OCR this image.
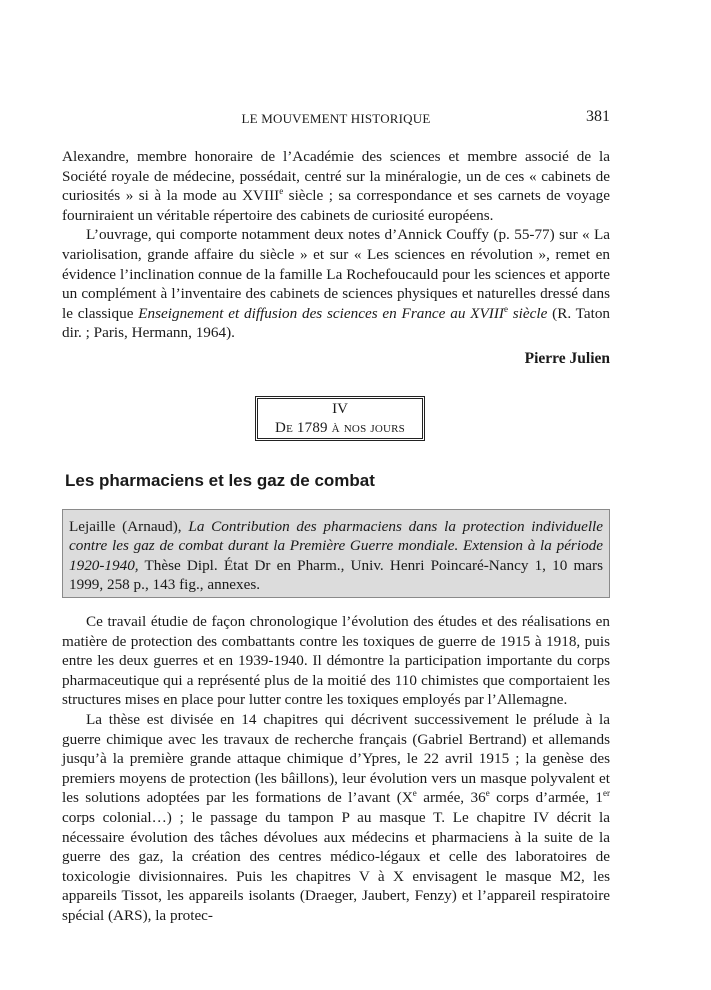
LE MOUVEMENT HISTORIQUE	381

Alexandre, membre honoraire de l’Académie des sciences et membre associé de la Société royale de médecine, possédait, centré sur la minéralogie, un de ces « cabinets de curiosités » si à la mode au XVIIIe siècle ; sa correspondance et ses carnets de voyage fourniraient un véritable répertoire des cabinets de curiosité européens.

L’ouvrage, qui comporte notamment deux notes d’Annick Couffy (p. 55-77) sur « La variolisation, grande affaire du siècle » et sur « Les sciences en révolution », remet en évidence l’inclination connue de la famille La Rochefoucauld pour les sciences et apporte un complément à l’inventaire des cabinets de sciences physiques et naturelles dressé dans le classique Enseignement et diffusion des sciences en France au XVIIIe siècle (R. Taton dir. ; Paris, Hermann, 1964).

Pierre Julien
IV
De 1789 à nos jours
Les pharmaciens et les gaz de combat
Lejaille (Arnaud), La Contribution des pharmaciens dans la protection individuelle contre les gaz de combat durant la Première Guerre mondiale. Extension à la période 1920-1940, Thèse Dipl. État Dr en Pharm., Univ. Henri Poincaré-Nancy 1, 10 mars 1999, 258 p., 143 fig., annexes.

Ce travail étudie de façon chronologique l’évolution des études et des réalisations en matière de protection des combattants contre les toxiques de guerre de 1915 à 1918, puis entre les deux guerres et en 1939-1940. Il démontre la participation importante du corps pharmaceutique qui a représenté plus de la moitié des 110 chimistes que comportaient les structures mises en place pour lutter contre les toxiques employés par l’Allemagne.

La thèse est divisée en 14 chapitres qui décrivent successivement le prélude à la guerre chimique avec les travaux de recherche français (Gabriel Bertrand) et allemands jusqu’à la première grande attaque chimique d’Ypres, le 22 avril 1915 ; la genèse des premiers moyens de protection (les bâillons), leur évolution vers un masque polyvalent et les solutions adoptées par les formations de l’avant (Xe armée, 36e corps d’armée, 1er corps colonial…) ; le passage du tampon P au masque T. Le chapitre IV décrit la nécessaire évolution des tâches dévolues aux médecins et pharmaciens à la suite de la guerre des gaz, la création des centres médico-légaux et celle des laboratoires de toxicologie divisionnaires. Puis les chapitres V à X envisagent le masque M2, les appareils Tissot, les appareils isolants (Draeger, Jaubert, Fenzy) et l’appareil respiratoire spécial (ARS), la protec-
